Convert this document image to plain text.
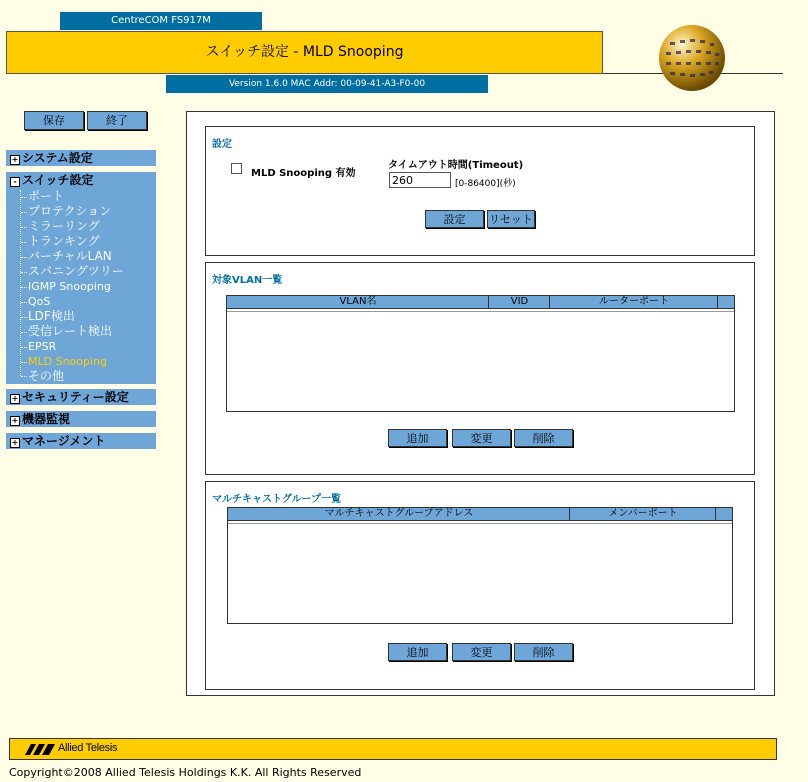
CentreCOM FS917M
スイッチ設定 - MLD Snooping
Version 1.6.0 MAC Addr: 00-09-41-A3-F0-00
保存	終了
+ システム設定
- スイッチ設定
ポート
プロテクション
ミラーリング
トランキング
バーチャルLAN
スパニングツリー
IGMP Snooping
QoS
LDF検出
受信レート検出
EPSR
MLD Snooping
その他
+ セキュリティー設定
+ 機器監視
+ マネージメント
設定
MLD Snooping 有効
タイムアウト時間(Timeout)
260
[0-86400](秒)
設定	リセット
対象VLAN一覧
VLAN名	VID	ルーターポート
追加	変更	削除
マルチキャストグループ一覧
マルチキャストグループアドレス	メンバーポート
追加	変更	削除
Allied Telesis
Copyright©2008 Allied Telesis Holdings K.K. All Rights Reserved
